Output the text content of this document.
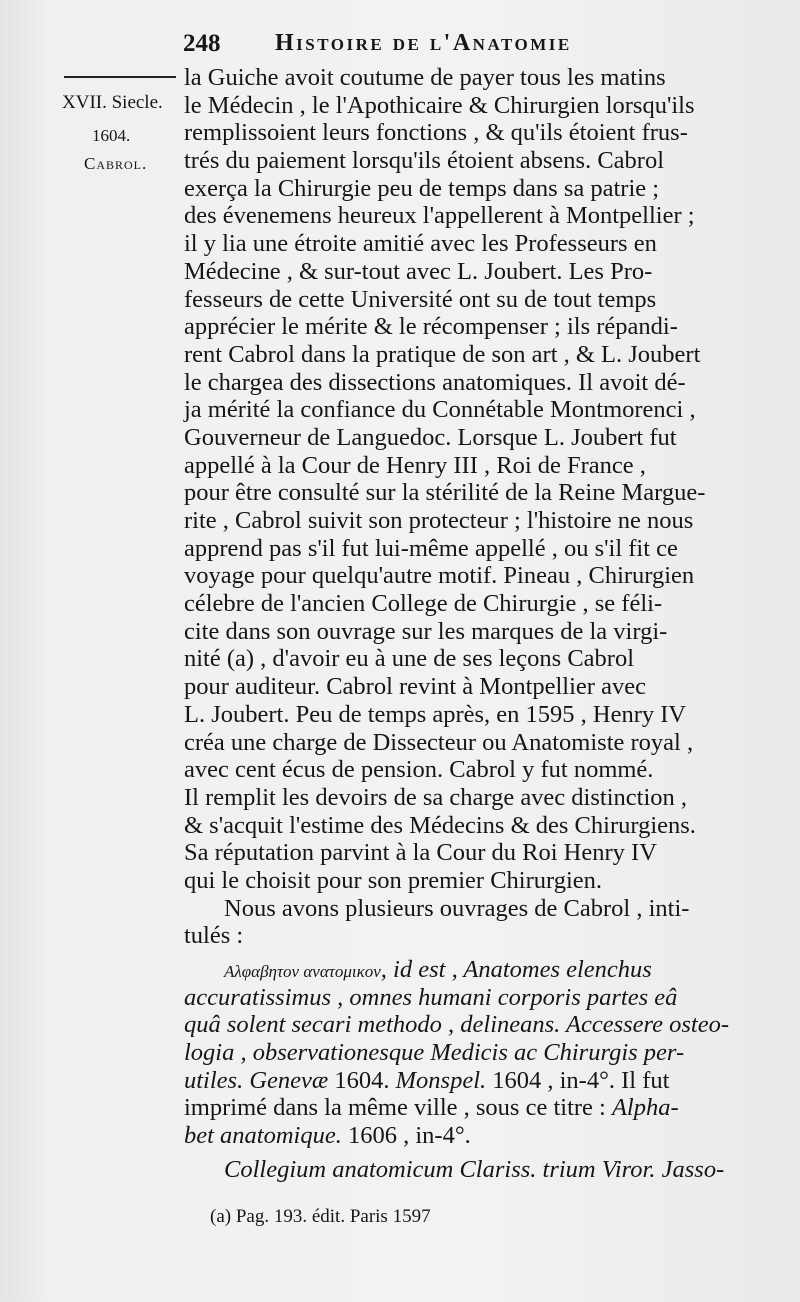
248 Histoire de l'Anatomie
XVII. Siecle.
1604.
Cabrol.
la Guiche avoit coutume de payer tous les matins
le Médecin , le l'Apothicaire & Chirurgien lorsqu'ils
remplissoient leurs fonctions , & qu'ils étoient frus-
trés du paiement lorsqu'ils étoient absens. Cabrol
exerça la Chirurgie peu de temps dans sa patrie ;
des évenemens heureux l'appellerent à Montpellier ;
il y lia une étroite amitié avec les Professeurs en
Médecine , & sur-tout avec L. Joubert. Les Pro-
fesseurs de cette Université ont su de tout temps
apprécier le mérite & le récompenser ; ils répandi-
rent Cabrol dans la pratique de son art , & L. Joubert
le chargea des dissections anatomiques. Il avoit dé-
ja mérité la confiance du Connétable Montmorenci ,
Gouverneur de Languedoc. Lorsque L. Joubert fut
appellé à la Cour de Henry III , Roi de France ,
pour être consulté sur la stérilité de la Reine Margue-
rite , Cabrol suivit son protecteur ; l'histoire ne nous
apprend pas s'il fut lui-même appellé , ou s'il fit ce
voyage pour quelqu'autre motif. Pineau , Chirurgien
célebre de l'ancien College de Chirurgie , se féli-
cite dans son ouvrage sur les marques de la virgi-
nité (a) , d'avoir eu à une de ses leçons Cabrol
pour auditeur. Cabrol revint à Montpellier avec
L. Joubert. Peu de temps après, en 1595 , Henry IV
créa une charge de Dissecteur ou Anatomiste royal ,
avec cent écus de pension. Cabrol y fut nommé.
Il remplit les devoirs de sa charge avec distinction ,
& s'acquit l'estime des Médecins & des Chirurgiens.
Sa réputation parvint à la Cour du Roi Henry IV
qui le choisit pour son premier Chirurgien.
Nous avons plusieurs ouvrages de Cabrol , inti-
tulés :
Αλφαβητον ανατομικον, id est , Anatomes elenchus
accuratissimus , omnes humani corporis partes eâ
quâ solent secari methodo , delineans. Accessere osteo-
logia , observationesque Medicis ac Chirurgis per-
utiles. Genevæ 1604. Monspel. 1604 , in-4°. Il fut
imprimé dans la même ville , sous ce titre : Alpha-
bet anatomique. 1606 , in-4°.
Collegium anatomicum Clariss. trium Viror. Jasso-
(a) Pag. 193. édit. Paris 1597
